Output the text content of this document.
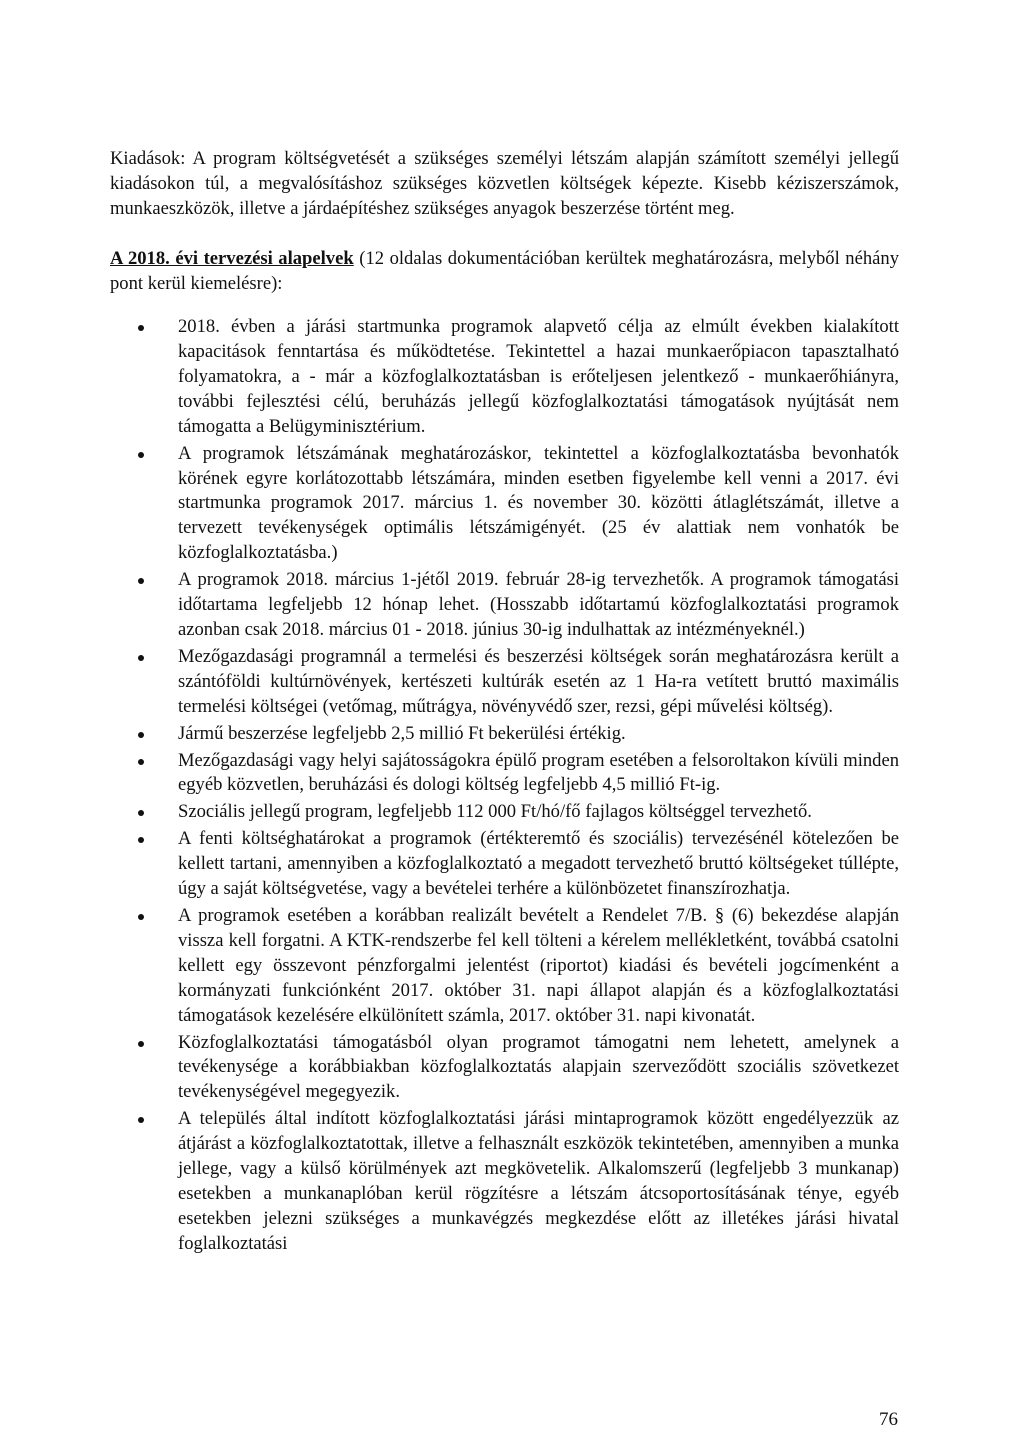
Kiadások: A program költségvetését a szükséges személyi létszám alapján számított személyi jellegű kiadásokon túl, a megvalósításhoz szükséges közvetlen költségek képezte. Kisebb kéziszerszámok, munkaeszközök, illetve a járdaépítéshez szükséges anyagok beszerzése történt meg.

A 2018. évi tervezési alapelvek (12 oldalas dokumentációban kerültek meghatározásra, melyből néhány pont kerül kiemelésre):

2018. évben a járási startmunka programok alapvető célja az elmúlt években kialakított kapacitások fenntartása és működtetése. Tekintettel a hazai munkaerőpiacon tapasztalható folyamatokra, a - már a közfoglalkoztatásban is erőteljesen jelentkező - munkaerőhiányra, további fejlesztési célú, beruházás jellegű közfoglalkoztatási támogatások nyújtását nem támogatta a Belügyminisztérium.
A programok létszámának meghatározáskor, tekintettel a közfoglalkoztatásba bevonhatók körének egyre korlátozottabb létszámára, minden esetben figyelembe kell venni a 2017. évi startmunka programok 2017. március 1. és november 30. közötti átlaglétszámát, illetve a tervezett tevékenységek optimális létszámigényét. (25 év alattiak nem vonhatók be közfoglalkoztatásba.)
A programok 2018. március 1-jétől 2019. február 28-ig tervezhetők. A programok támogatási időtartama legfeljebb 12 hónap lehet. (Hosszabb időtartamú közfoglalkoztatási programok azonban csak 2018. március 01 - 2018. június 30-ig indulhattak az intézményeknél.)
Mezőgazdasági programnál a termelési és beszerzési költségek során meghatározásra került a szántóföldi kultúrnövények, kertészeti kultúrák esetén az 1 Ha-ra vetített bruttó maximális termelési költségei (vetőmag, műtrágya, növényvédő szer, rezsi, gépi művelési költség).
Jármű beszerzése legfeljebb 2,5 millió Ft bekerülési értékig.
Mezőgazdasági vagy helyi sajátosságokra épülő program esetében a felsoroltakon kívüli minden egyéb közvetlen, beruházási és dologi költség legfeljebb 4,5 millió Ft-ig.
Szociális jellegű program, legfeljebb 112 000 Ft/hó/fő fajlagos költséggel tervezhető.
A fenti költséghatárokat a programok (értékteremtő és szociális) tervezésénél kötelezően be kellett tartani, amennyiben a közfoglalkoztató a megadott tervezhető bruttó költségeket túllépte, úgy a saját költségvetése, vagy a bevételei terhére a különbözetet finanszírozhatja.
A programok esetében a korábban realizált bevételt a Rendelet 7/B. § (6) bekezdése alapján vissza kell forgatni. A KTK-rendszerbe fel kell tölteni a kérelem mellékletként, továbbá csatolni kellett egy összevont pénzforgalmi jelentést (riportot) kiadási és bevételi jogcímenként a kormányzati funkciónként 2017. október 31. napi állapot alapján és a közfoglalkoztatási támogatások kezelésére elkülönített számla, 2017. október 31. napi kivonatát.
Közfoglalkoztatási támogatásból olyan programot támogatni nem lehetett, amelynek a tevékenysége a korábbiakban közfoglalkoztatás alapjain szerveződött szociális szövetkezet tevékenységével megegyezik.
A település által indított közfoglalkoztatási járási mintaprogramok között engedélyezzük az átjárást a közfoglalkoztatottak, illetve a felhasznált eszközök tekintetében, amennyiben a munka jellege, vagy a külső körülmények azt megkövetelik. Alkalomszerű (legfeljebb 3 munkanap) esetekben a munkanaplóban kerül rögzítésre a létszám átcsoportosításának ténye, egyéb esetekben jelezni szükséges a munkavégzés megkezdése előtt az illetékes járási hivatal foglalkoztatási
76
